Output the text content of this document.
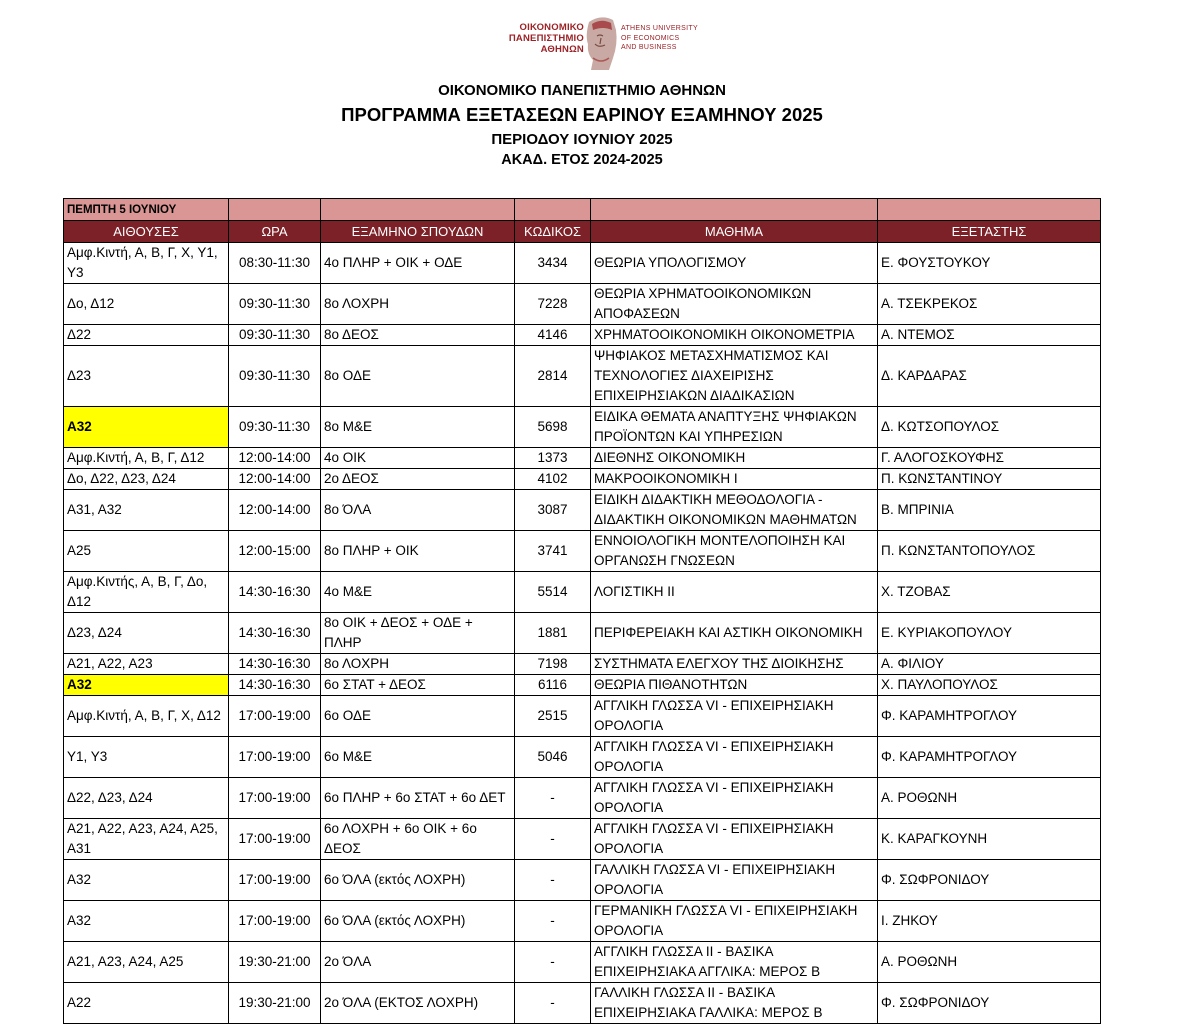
ΟΙΚΟΝΟΜΙΚΟ
ΠΑΝΕΠΙΣΤΗΜΙΟ
ΑΘΗΝΩΝ
ATHENS UNIVERSITY
OF ECONOMICS
AND BUSINESS
ΟΙΚΟΝΟΜΙΚΟ ΠΑΝΕΠΙΣΤΗΜΙΟ ΑΘΗΝΩΝ
ΠΡΟΓΡΑΜΜΑ ΕΞΕΤΑΣΕΩΝ ΕΑΡΙΝΟΥ ΕΞΑΜΗΝΟΥ 2025
ΠΕΡΙΟΔΟΥ ΙΟΥΝΙΟΥ 2025
ΑΚΑΔ. ΕΤΟΣ 2024-2025
ΠΕΜΠΤΗ 5 ΙΟΥΝΙΟΥ					
ΑΙΘΟΥΣΕΣ	ΩΡΑ	ΕΞΑΜΗΝΟ ΣΠΟΥΔΩΝ	ΚΩΔΙΚΟΣ	ΜΑΘΗΜΑ	ΕΞΕΤΑΣΤΗΣ
Αμφ.Κιντή, Α, Β, Γ, Χ, Υ1, Υ3	08:30-11:30	4ο ΠΛΗΡ + ΟΙΚ + ΟΔΕ	3434	ΘΕΩΡΙΑ ΥΠΟΛΟΓΙΣΜΟΥ	Ε. ΦΟΥΣΤΟΥΚΟΥ
Δο, Δ12	09:30-11:30	8ο ΛΟΧΡΗ	7228	ΘΕΩΡΙΑ ΧΡΗΜΑΤΟΟΙΚΟΝΟΜΙΚΩΝ ΑΠΟΦΑΣΕΩΝ	Α. ΤΣΕΚΡΕΚΟΣ
Δ22	09:30-11:30	8ο ΔΕΟΣ	4146	ΧΡΗΜΑΤΟΟΙΚΟΝΟΜΙΚΗ ΟΙΚΟΝΟΜΕΤΡΙΑ	Α. ΝΤΕΜΟΣ
Δ23	09:30-11:30	8ο ΟΔΕ	2814	ΨΗΦΙΑΚΟΣ ΜΕΤΑΣΧΗΜΑΤΙΣΜΟΣ ΚΑΙ ΤΕΧΝΟΛΟΓΙΕΣ ΔΙΑΧΕΙΡΙΣΗΣ ΕΠΙΧΕΙΡΗΣΙΑΚΩΝ ΔΙΑΔΙΚΑΣΙΩΝ	Δ. ΚΑΡΔΑΡΑΣ
Α32	09:30-11:30	8ο Μ&Ε	5698	ΕΙΔΙΚΑ ΘΕΜΑΤΑ ΑΝΑΠΤΥΞΗΣ ΨΗΦΙΑΚΩΝ ΠΡΟΪΟΝΤΩΝ ΚΑΙ ΥΠΗΡΕΣΙΩΝ	Δ. ΚΩΤΣΟΠΟΥΛΟΣ
Αμφ.Κιντή, Α, Β, Γ, Δ12	12:00-14:00	4ο ΟΙΚ	1373	ΔΙΕΘΝΗΣ ΟΙΚΟΝΟΜΙΚΗ	Γ. ΑΛΟΓΟΣΚΟΥΦΗΣ
Δο, Δ22, Δ23, Δ24	12:00-14:00	2ο ΔΕΟΣ	4102	ΜΑΚΡΟΟΙΚΟΝΟΜΙΚΗ Ι	Π. ΚΩΝΣΤΑΝΤΙΝΟΥ
Α31, Α32	12:00-14:00	8ο ΌΛΑ	3087	ΕΙΔΙΚΗ ΔΙΔΑΚΤΙΚΗ ΜΕΘΟΔΟΛΟΓΙΑ - ΔΙΔΑΚΤΙΚΗ ΟΙΚΟΝΟΜΙΚΩΝ ΜΑΘΗΜΑΤΩΝ	Β. ΜΠΡΙΝΙΑ
Α25	12:00-15:00	8ο ΠΛΗΡ + ΟΙΚ	3741	ΕΝΝΟΙΟΛΟΓΙΚΗ ΜΟΝΤΕΛΟΠΟΙΗΣΗ ΚΑΙ ΟΡΓΑΝΩΣΗ ΓΝΩΣΕΩΝ	Π. ΚΩΝΣΤΑΝΤΟΠΟΥΛΟΣ
Αμφ.Κιντής, Α, Β, Γ, Δο, Δ12	14:30-16:30	4ο Μ&Ε	5514	ΛΟΓΙΣΤΙΚΗ ΙΙ	Χ. ΤΖΟΒΑΣ
Δ23, Δ24	14:30-16:30	8ο ΟΙΚ + ΔΕΟΣ + ΟΔΕ + ΠΛΗΡ	1881	ΠΕΡΙΦΕΡΕΙΑΚΗ ΚΑΙ ΑΣΤΙΚΗ ΟΙΚΟΝΟΜΙΚΗ	Ε. ΚΥΡΙΑΚΟΠΟΥΛΟΥ
Α21, Α22, Α23	14:30-16:30	8ο ΛΟΧΡΗ	7198	ΣΥΣΤΗΜΑΤΑ ΕΛΕΓΧΟΥ ΤΗΣ ΔΙΟΙΚΗΣΗΣ	Α. ΦΙΛΙΟΥ
Α32	14:30-16:30	6ο ΣΤΑΤ + ΔΕΟΣ	6116	ΘΕΩΡΙΑ ΠΙΘΑΝΟΤΗΤΩΝ	Χ. ΠΑΥΛΟΠΟΥΛΟΣ
Αμφ.Κιντή, Α, Β, Γ, Χ, Δ12	17:00-19:00	6ο ΟΔΕ	2515	ΑΓΓΛΙΚΗ ΓΛΩΣΣΑ VI - ΕΠΙΧΕΙΡΗΣΙΑΚΗ ΟΡΟΛΟΓΙΑ	Φ. ΚΑΡΑΜΗΤΡΟΓΛΟΥ
Υ1, Υ3	17:00-19:00	6ο Μ&Ε	5046	ΑΓΓΛΙΚΗ ΓΛΩΣΣΑ VI - ΕΠΙΧΕΙΡΗΣΙΑΚΗ ΟΡΟΛΟΓΙΑ	Φ. ΚΑΡΑΜΗΤΡΟΓΛΟΥ
Δ22, Δ23, Δ24	17:00-19:00	6ο ΠΛΗΡ + 6ο ΣΤΑΤ + 6ο ΔΕΤ	-	ΑΓΓΛΙΚΗ ΓΛΩΣΣΑ VI - ΕΠΙΧΕΙΡΗΣΙΑΚΗ ΟΡΟΛΟΓΙΑ	Α. ΡΟΘΩΝΗ
Α21, Α22, Α23, Α24, Α25, Α31	17:00-19:00	6ο ΛΟΧΡΗ + 6ο ΟΙΚ + 6ο ΔΕΟΣ	-	ΑΓΓΛΙΚΗ ΓΛΩΣΣΑ VI - ΕΠΙΧΕΙΡΗΣΙΑΚΗ ΟΡΟΛΟΓΙΑ	Κ. ΚΑΡΑΓΚΟΥΝΗ
Α32	17:00-19:00	6ο ΌΛΑ (εκτός ΛΟΧΡΗ)	-	ΓΑΛΛΙΚΗ ΓΛΩΣΣΑ VI - ΕΠΙΧΕΙΡΗΣΙΑΚΗ ΟΡΟΛΟΓΙΑ	Φ. ΣΩΦΡΟΝΙΔΟΥ
Α32	17:00-19:00	6ο ΌΛΑ (εκτός ΛΟΧΡΗ)	-	ΓΕΡΜΑΝΙΚΗ ΓΛΩΣΣΑ VI - ΕΠΙΧΕΙΡΗΣΙΑΚΗ ΟΡΟΛΟΓΙΑ	Ι. ΖΗΚΟΥ
Α21, Α23, Α24, Α25	19:30-21:00	2ο ΌΛΑ	-	ΑΓΓΛΙΚΗ ΓΛΩΣΣΑ ΙΙ - ΒΑΣΙΚΑ ΕΠΙΧΕΙΡΗΣΙΑΚΑ ΑΓΓΛΙΚΑ: ΜΕΡΟΣ Β	Α. ΡΟΘΩΝΗ
Α22	19:30-21:00	2ο ΌΛΑ (ΕΚΤΟΣ ΛΟΧΡΗ)	-	ΓΑΛΛΙΚΗ ΓΛΩΣΣΑ ΙΙ - ΒΑΣΙΚΑ ΕΠΙΧΕΙΡΗΣΙΑΚΑ ΓΑΛΛΙΚΑ: ΜΕΡΟΣ Β	Φ. ΣΩΦΡΟΝΙΔΟΥ
